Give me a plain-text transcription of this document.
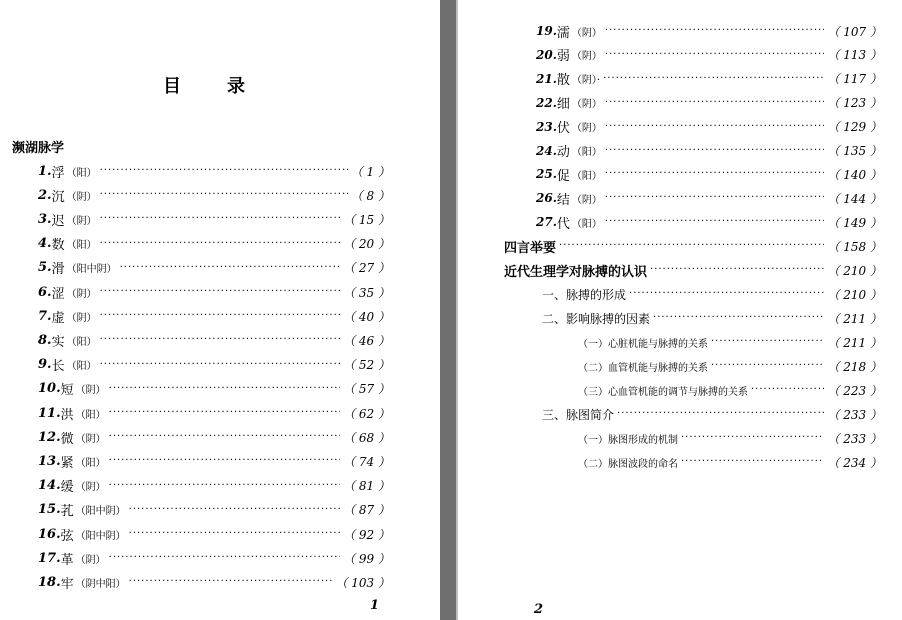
目	录
濒湖脉学
1. 浮 （阳） ·····	（ 1 ）
2. 沉 （阴） ·····	（ 8 ）
3. 迟 （阴） ·····	（ 15 ）
4. 数 （阳） ·····	（ 20 ）
5. 滑 （阳中阴） ·····	（ 27 ）
6. 涩 （阴） ·····	（ 35 ）
7. 虚 （阴） ·····	（ 40 ）
8. 实 （阳） ·····	（ 46 ）
9. 长 （阳） ·····	（ 52 ）
10. 短 （阴） ·····	（ 57 ）
11. 洪 （阳） ·····	（ 62 ）
12. 微 （阴） ·····	（ 68 ）
13. 紧 （阳） ·····	（ 74 ）
14. 缓 （阴） ·····	（ 81 ）
15. 芤 （阳中阴） ·····	（ 87 ）
16. 弦 （阳中阴） ·····	（ 92 ）
17. 革 （阴） ·····	（ 99 ）
18. 牢 （阴中阳） ·····	（ 103 ）
1
19. 濡 （阴） ·····	（ 107 ）
20. 弱 （阴） ·····	（ 113 ）
21. 散 （阴）· ·····	（ 117 ）
22. 细 （阴） ·····	（ 123 ）
23. 伏 （阴） ·····	（ 129 ）
24. 动 （阳） ·····	（ 135 ）
25. 促 （阳） ·····	（ 140 ）
26. 结 （阴） ·····	（ 144 ）
27. 代 （阳） ·····	（ 149 ）
四言举要 ·····	（ 158 ）
近代生理学对脉搏的认识 ·····	（ 210 ）
一、脉搏的形成 ·····	（ 210 ）
二、影响脉搏的因素 ·····	（ 211 ）
（一）心脏机能与脉搏的关系 ·····	（ 211 ）
（二）血管机能与脉搏的关系 ·····	（ 218 ）
（三）心血管机能的调节与脉搏的关系 ·····	（ 223 ）
三、脉图简介 ·····	（ 233 ）
（一）脉图形成的机制 ·····	（ 233 ）
（二）脉图波段的命名 ·····	（ 234 ）
2
